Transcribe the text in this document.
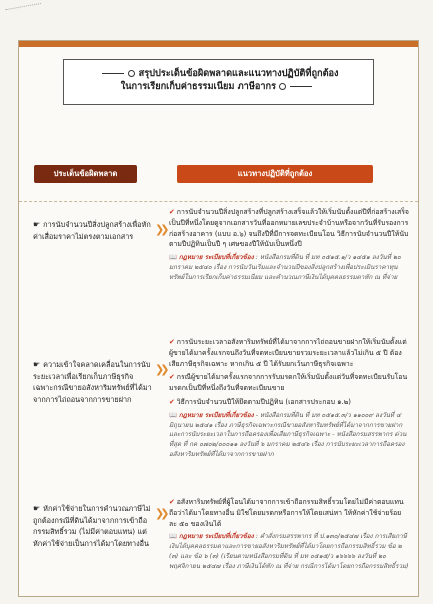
สรุปประเด็นข้อผิดพลาดและแนวทางปฏิบัติที่ถูกต้อง
ในการเรียกเก็บค่าธรรมเนียม ภาษีอากร
ประเด็นข้อผิดพลาด	แนวทางปฏิบัติที่ถูกต้อง
☛ การนับจำนวนปีสิ่งปลูกสร้างเพื่อหักค่าเสื่อมราคาไม่ตรงตามเอกสาร	❯❯
✔ การนับจำนวนปีสิ่งปลูกสร้างที่ปลูกสร้างเสร็จแล้วให้เริ่มนับตั้งแต่ปีที่ก่อสร้างเสร็จเป็นปีที่หนึ่งโดยดูจากเอกสารวันที่ออกหมายเลขประจำบ้านหรือจากวันที่รับรองการก่อสร้างอาคาร (แบบ อ.๖) จนถึงปีที่มีการจดทะเบียนโอน วิธีการนับจำนวนปีให้นับตามปีปฏิทินเป็นปี ๆ เศษของปีให้นับเป็นหนึ่งปี
📖 กฎหมาย ระเบียบที่เกี่ยวข้อง : หนังสือกรมที่ดิน ที่ มท ๐๕๑๕.๑/ว ๑๔๕๑ ลงวันที่ ๒๐ มกราคม ๒๕๔๐ เรื่อง การนับวันเริ่มและจำนวนปีของสิ่งปลูกสร้างเพื่อประเมินราคาทุนทรัพย์ในการเรียกเก็บค่าธรรมเนียม และคำนวณภาษีเงินได้บุคคลธรรมดาหัก ณ ที่จ่าย
☛ ความเข้าใจคลาดเคลื่อนในการนับระยะเวลาเพื่อเรียกเก็บภาษีธุรกิจเฉพาะกรณีขายอสังหาริมทรัพย์ที่ได้มาจากการไถ่ถอนจากการขายฝาก
❯❯
✔ การนับระยะเวลาอสังหาริมทรัพย์ที่ได้มาจากการไถ่ถอนขายฝากให้เริ่มนับตั้งแต่ผู้ขายได้มาครั้งแรกจนถึงวันที่จดทะเบียนขายรวมระยะเวลาแล้วไม่เกิน ๕ ปี ต้องเสียภาษีธุรกิจเฉพาะ หากเกิน ๕ ปี ได้รับยกเว้นภาษีธุรกิจเฉพาะ
✔ กรณีผู้ขายได้มาครั้งแรกจากการรับมรดกให้เริ่มนับตั้งแต่วันที่จดทะเบียนรับโอนมรดกเป็นปีที่หนึ่งถึงวันที่จดทะเบียนขาย
✔ วิธีการนับจำนวนปีให้ยึดตามปีปฏิทิน (เอกสารประกอบ ๑.๒)
📖 กฎหมาย ระเบียบที่เกี่ยวข้อง - หนังสือกรมที่ดิน ที่ มท ๐๕๑๕.๓/ว ๑๑๐๐๙ ลงวันที่ ๔ มิถุนายน ๒๕๔๑ เรื่อง ภาษีธุรกิจเฉพาะกรณีขายอสังหาริมทรัพย์ที่ได้มาจากการขายฝาก และการนับระยะเวลาในการถือครองเพื่อเสียภาษีธุรกิจเฉพาะ - หนังสือกรมสรรพากร ด่วนที่สุด ที่ กค ๐๗๐๒/๐๐๐๑๑ ลงวันที่ ๖ มกราคม ๒๕๔๖ เรื่อง การนับระยะเวลาการถือครองอสังหาริมทรัพย์ที่ได้มาจากการขายฝาก
☛ หักค่าใช้จ่ายในการคำนวณภาษีไม่ถูกต้องกรณีที่ดินได้มาจากการเข้าถือกรรมสิทธิ์รวม (ไม่มีค่าตอบแทน) แต่หักค่าใช้จ่ายเป็นการได้มาโดยทางอื่น
❯❯
✔ อสังหาริมทรัพย์ที่ผู้โอนได้มาจากการเข้าถือกรรมสิทธิ์รวมโดยไม่มีค่าตอบแทน ถือว่าได้มาโดยทางอื่น มิใช่โดยมรดกหรือการให้โดยเสน่หา ให้หักค่าใช้จ่ายร้อยละ ๕๐ ของเงินได้
📖 กฎหมาย ระเบียบที่เกี่ยวข้อง : คำสั่งกรมสรรพากร ที่ ป.๑๓๐/๒๕๔๗ เรื่อง การเสียภาษีเงินได้บุคคลธรรมดาและการขายอสังหาริมทรัพย์ที่ได้มาโดยการถือกรรมสิทธิ์รวม ข้อ ๒ (๓) และ ข้อ ๖ (๓) (เรียนตามหนังสือกรมที่ดิน ที่ มท ๐๕๑๕/ว ๑๖๖๖๖ ลงวันที่ ๒๐ พฤศจิกายน ๒๕๔๗ เรื่อง ภาษีเงินได้หัก ณ ที่จ่าย กรณีการได้มาโดยการถือกรรมสิทธิ์รวม)
